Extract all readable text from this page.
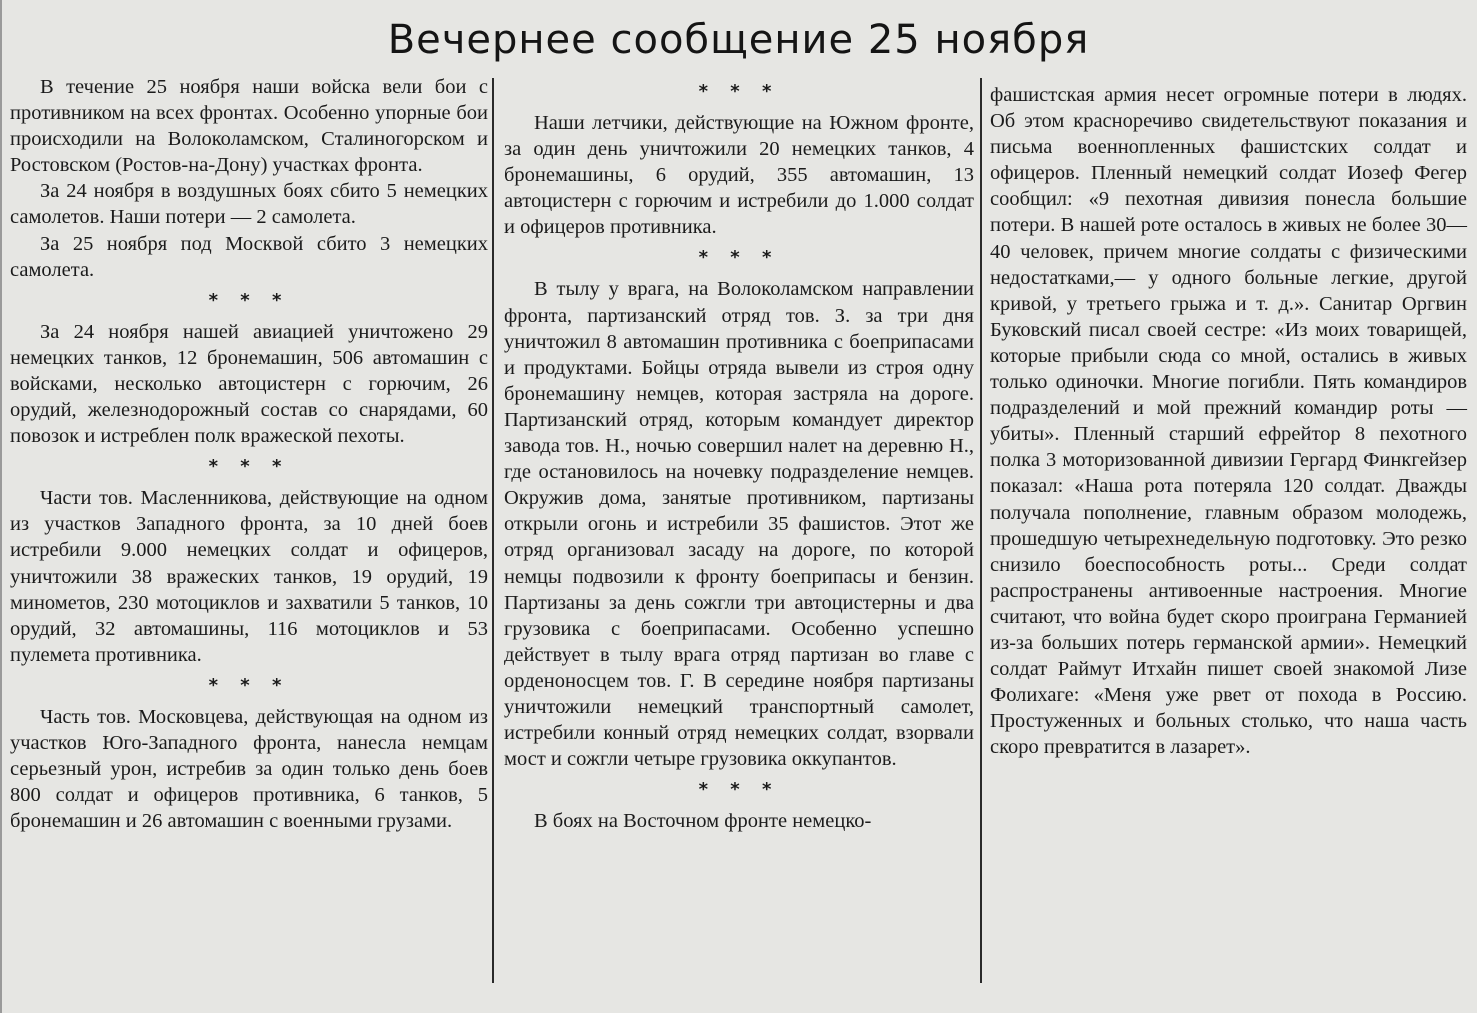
Вечернее сообщение 25 ноября

В течение 25 ноября наши войска вели бои с противником на всех фронтах. Особенно упорные бои происходили на Волоколамском, Сталиногорском и Ростовском (Ростов-на-Дону) участках фронта.

За 24 ноября в воздушных боях сбито 5 немецких самолетов. Наши потери — 2 самолета.

За 25 ноября под Москвой сбито 3 немецких самолета.

* * *

За 24 ноября нашей авиацией уничтожено 29 немецких танков, 12 бронемашин, 506 автомашин с войсками, несколько автоцистерн с горючим, 26 орудий, железнодорожный состав со снарядами, 60 повозок и истреблен полк вражеской пехоты.

* * *

Части тов. Масленникова, действующие на одном из участков Западного фронта, за 10 дней боев истребили 9.000 немецких солдат и офицеров, уничтожили 38 вражеских танков, 19 орудий, 19 минометов, 230 мотоциклов и захватили 5 танков, 10 орудий, 32 автомашины, 116 мотоциклов и 53 пулемета противника.

* * *

Часть тов. Московцева, действующая на одном из участков Юго-Западного фронта, нанесла немцам серьезный урон, истребив за один только день боев 800 солдат и офицеров противника, 6 танков, 5 бронемашин и 26 автомашин с военными грузами.

* * *

Наши летчики, действующие на Южном фронте, за один день уничтожили 20 немецких танков, 4 бронемашины, 6 орудий, 355 автомашин, 13 автоцистерн с горючим и истребили до 1.000 солдат и офицеров противника.

* * *

В тылу у врага, на Волоколамском направлении фронта, партизанский отряд тов. З. за три дня уничтожил 8 автомашин противника с боеприпасами и продуктами. Бойцы отряда вывели из строя одну бронемашину немцев, которая застряла на дороге. Партизанский отряд, которым командует директор завода тов. Н., ночью совершил налет на деревню Н., где остановилось на ночевку подразделение немцев. Окружив дома, занятые противником, партизаны открыли огонь и истребили 35 фашистов. Этот же отряд организовал засаду на дороге, по которой немцы подвозили к фронту боеприпасы и бензин. Партизаны за день сожгли три автоцистерны и два грузовика с боеприпасами. Особенно успешно действует в тылу врага отряд партизан во главе с орденоносцем тов. Г. В середине ноября партизаны уничтожили немецкий транспортный самолет, истребили конный отряд немецких солдат, взорвали мост и сожгли четыре грузовика оккупантов.

* * *

В боях на Восточном фронте немецко-

фашистская армия несет огромные потери в людях. Об этом красноречиво свидетельствуют показания и письма военнопленных фашистских солдат и офицеров. Пленный немецкий солдат Иозеф Фегер сообщил: «9 пехотная дивизия понесла большие потери. В нашей роте осталось в живых не более 30—40 человек, причем многие солдаты с физическими недостатками,— у одного больные легкие, другой кривой, у третьего грыжа и т. д.». Санитар Оргвин Буковский писал своей сестре: «Из моих товарищей, которые прибыли сюда со мной, остались в живых только одиночки. Многие погибли. Пять командиров подразделений и мой прежний командир роты — убиты». Пленный старший ефрейтор 8 пехотного полка 3 моторизованной дивизии Гергард Финкгейзер показал: «Наша рота потеряла 120 солдат. Дважды получала пополнение, главным образом молодежь, прошедшую четырехнедельную подготовку. Это резко снизило боеспособность роты... Среди солдат распространены антивоенные настроения. Многие считают, что война будет скоро проиграна Германией из-за больших потерь германской армии». Немецкий солдат Раймут Итхайн пишет своей знакомой Лизе Фолихаге: «Меня уже рвет от похода в Россию. Простуженных и больных столько, что наша часть скоро превратится в лазарет».
